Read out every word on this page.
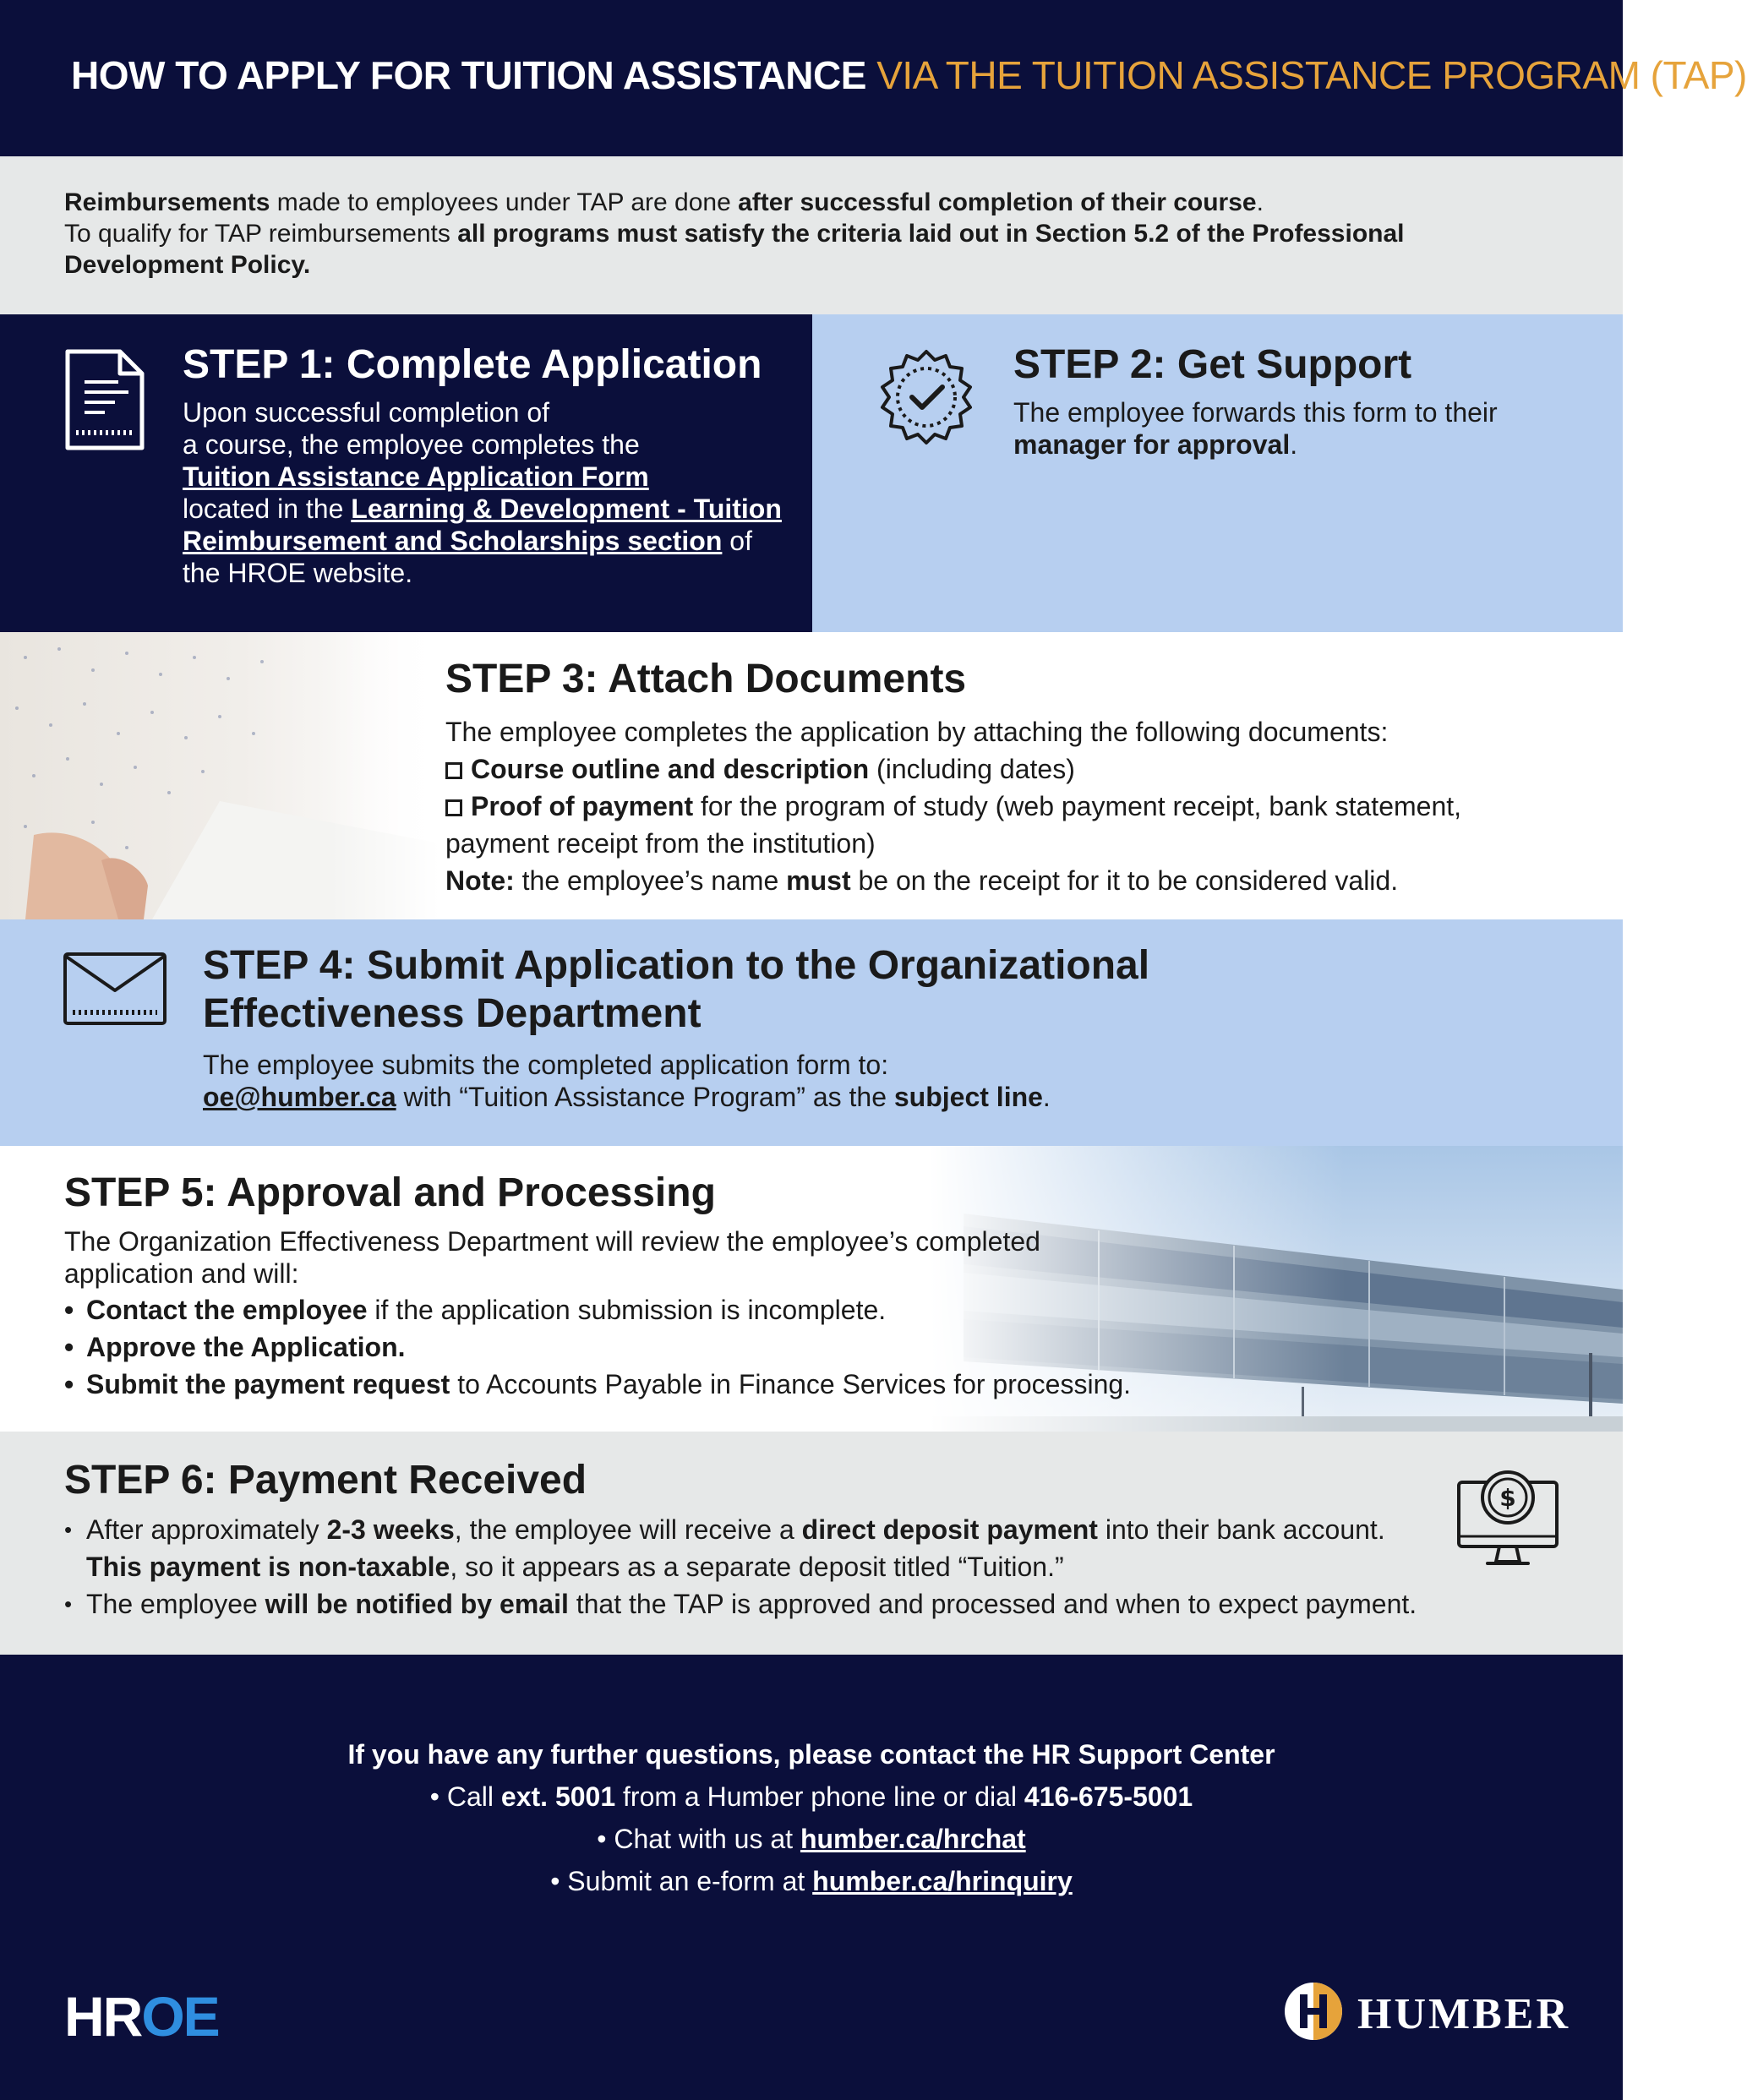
HOW TO APPLY FOR TUITION ASSISTANCE VIA THE TUITION ASSISTANCE PROGRAM (TAP)

Reimbursements made to employees under TAP are done after successful completion of their course.

To qualify for TAP reimbursements all programs must satisfy the criteria laid out in Section 5.2 of the Professional Development Policy.

STEP 1: Complete Application
Upon successful completion of
a course, the employee completes the
Tuition Assistance Application Form
located in the Learning & Development - Tuition Reimbursement and Scholarships section of the HROE website.
STEP 2: Get Support
The employee forwards this form to their manager for approval.
STEP 3: Attach Documents
The employee completes the application by attaching the following documents:
Course outline and description (including dates)
Proof of payment for the program of study (web payment receipt, bank statement,
payment receipt from the institution)
Note: the employee’s name must be on the receipt for it to be considered valid.
STEP 4: Submit Application to the Organizational Effectiveness Department
The employee submits the completed application form to:
oe@humber.ca with “Tuition Assistance Program” as the subject line.
STEP 5: Approval and Processing
The Organization Effectiveness Department will review the employee’s completed application and will:
• Contact the employee if the application submission is incomplete.
• Approve the Application.
• Submit the payment request to Accounts Payable in Finance Services for processing.
STEP 6: Payment Received
• After approximately 2-3 weeks, the employee will receive a direct deposit payment into their bank account.
This payment is non-taxable, so it appears as a separate deposit titled “Tuition.”
• The employee will be notified by email that the TAP is approved and processed and when to expect payment.
$
If you have any further questions, please contact the HR Support Center
• Call ext. 5001 from a Humber phone line or dial 416-675-5001
• Chat with us at humber.ca/hrchat
• Submit an e-form at humber.ca/hrinquiry
HROE	HUMBER
